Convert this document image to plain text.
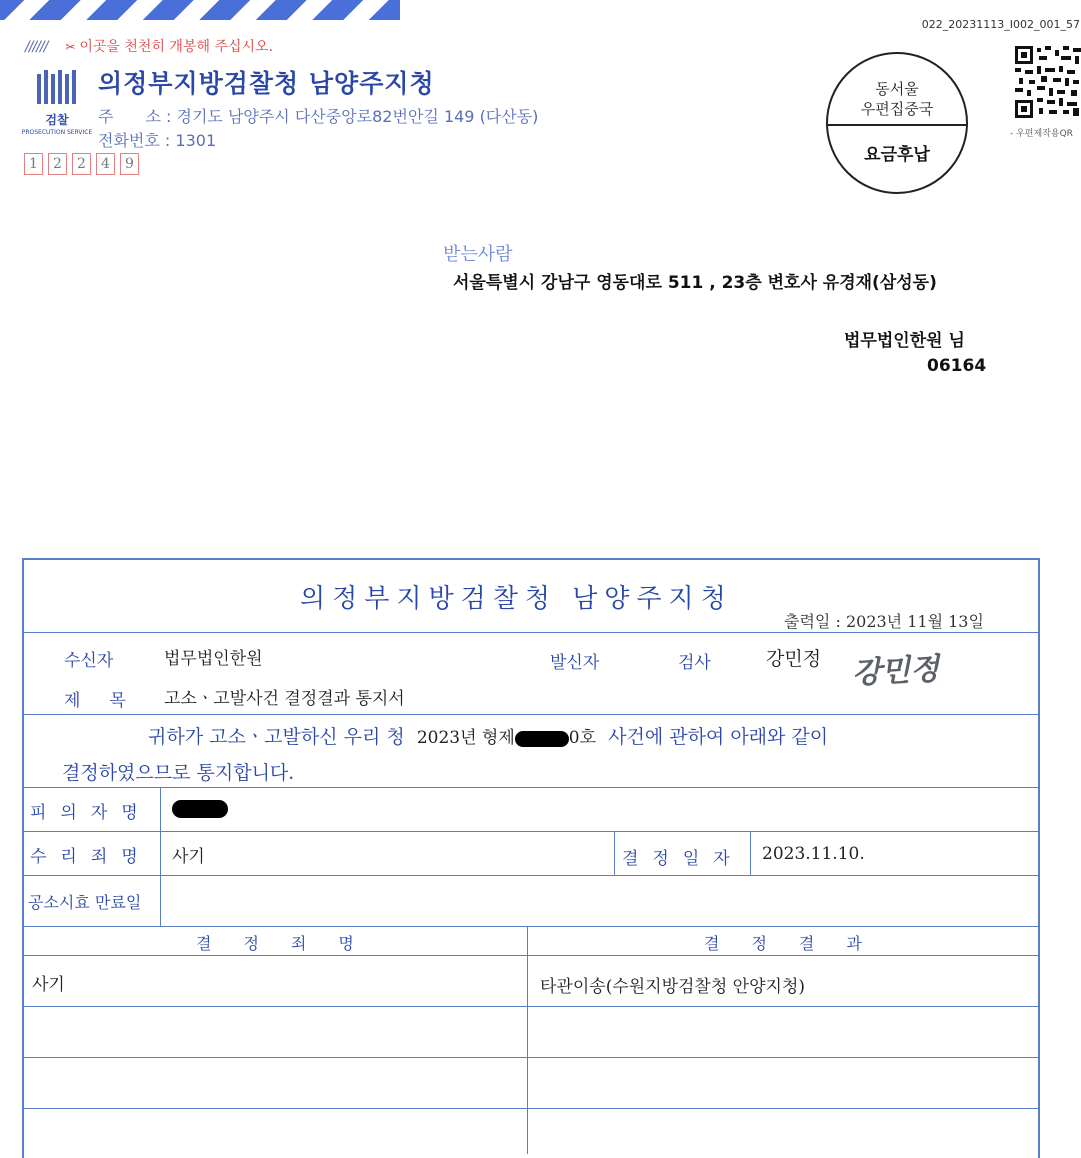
022_20231113_I002_001_57
////// ✂ 이곳을 천천히 개봉해 주십시오.
검찰
PROSECUTION SERVICE
의정부지방검찰청 남양주지청
주　　소 : 경기도 남양주시 다산중앙로82번안길 149 (다산동)
전화번호 : 1301
1	2	2	4	9
동서울
우편집중국
요금후납
- 우편제작용QR
받는사람
서울특별시 강남구 영동대로 511 , 23층 변호사 유경재(삼성동)
법무법인한원 님
06164
의정부지방검찰청 남양주지청
출력일 : 2023년 11월 13일
수신자	법무법인한원	발신자	검사	강민정 강민정
제　목 고소ㆍ고발사건 결정결과 통지서
귀하가 고소ㆍ고발하신 우리 청 2023년 형제	0호 사건에 관하여 아래와 같이
결정하였으므로 통지합니다.
피의자명
수리죄명 사기	결정일자 2023.11.10.
공소시효 만료일
결정죄명	결정결과
사기	타관이송(수원지방검찰청 안양지청)
